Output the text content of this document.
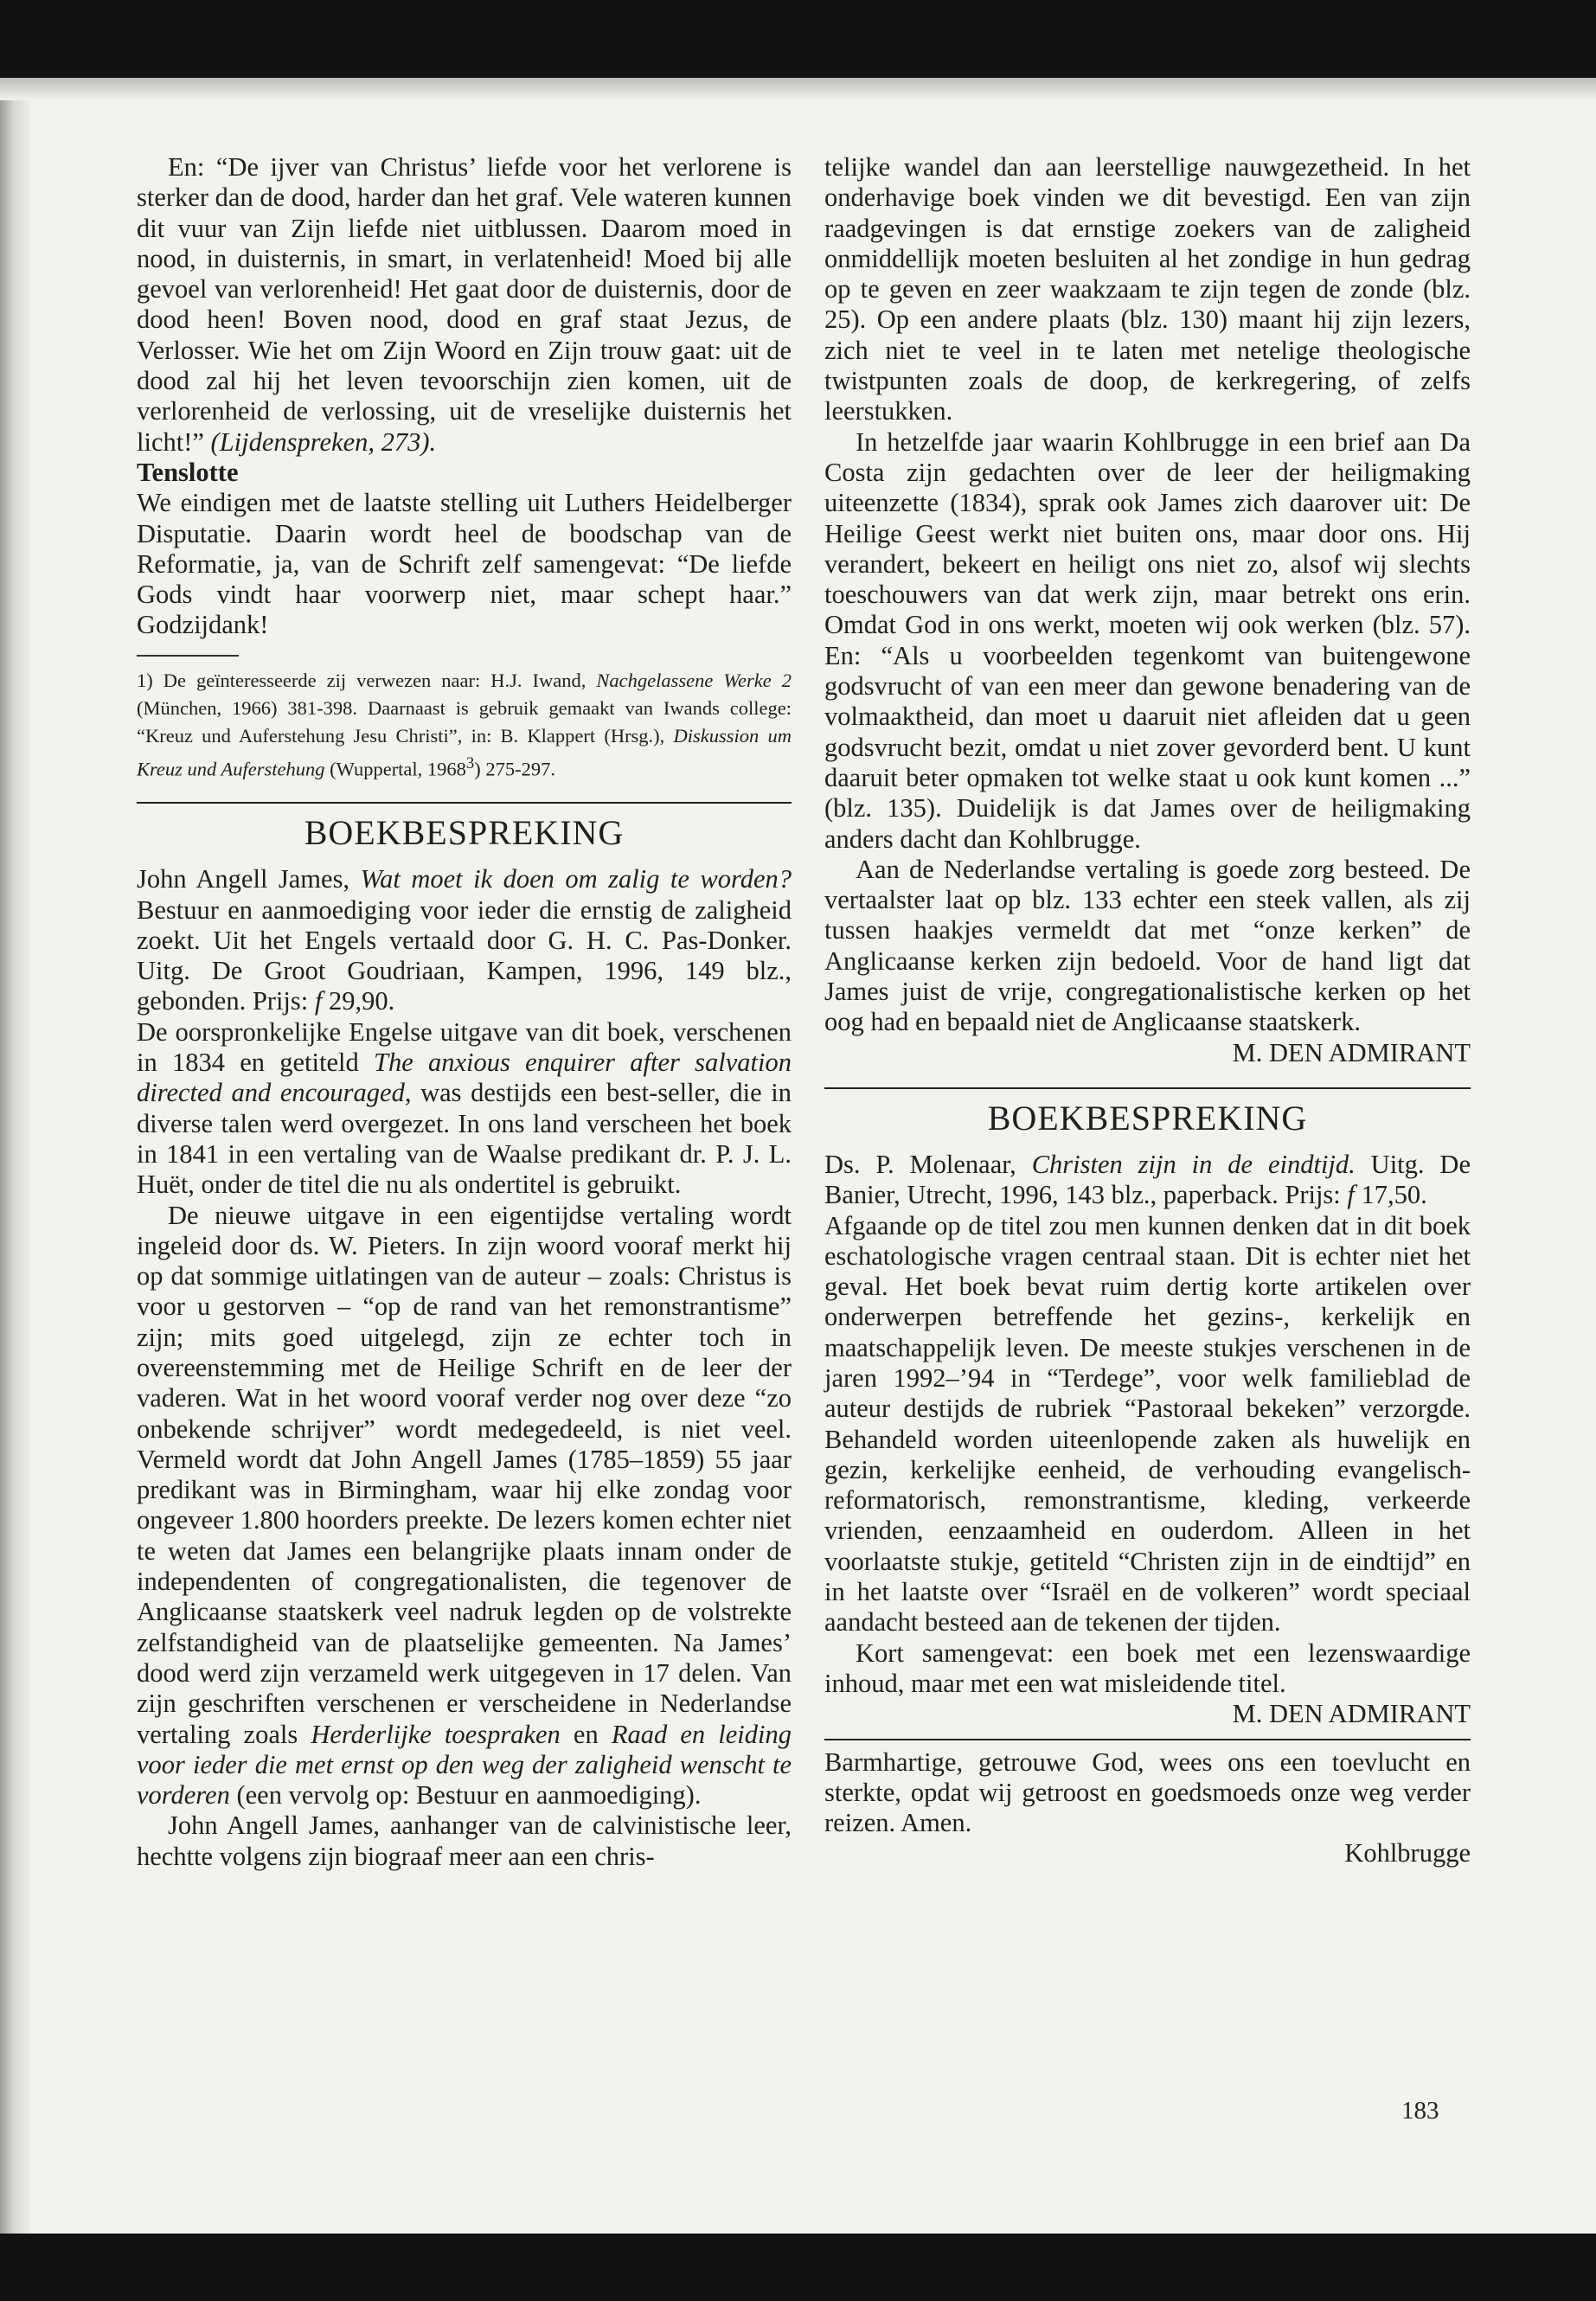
En: “De ijver van Christus’ liefde voor het verlorene is sterker dan de dood, harder dan het graf. Vele wateren kunnen dit vuur van Zijn liefde niet uitblussen. Daarom moed in nood, in duisternis, in smart, in verlatenheid! Moed bij alle gevoel van verlorenheid! Het gaat door de duisternis, door de dood heen! Boven nood, dood en graf staat Jezus, de Verlosser. Wie het om Zijn Woord en Zijn trouw gaat: uit de dood zal hij het leven tevoorschijn zien komen, uit de verlorenheid de verlossing, uit de vreselijke duisternis het licht!” (Lijdenspreken, 273).

Tenslotte

We eindigen met de laatste stelling uit Luthers Heidelberger Disputatie. Daarin wordt heel de boodschap van de Reformatie, ja, van de Schrift zelf samengevat: “De liefde Gods vindt haar voorwerp niet, maar schept haar.” Godzijdank!

1) De geïnteresseerde zij verwezen naar: H.J. Iwand, Nachgelassene Werke 2 (München, 1966) 381-398. Daarnaast is gebruik gemaakt van Iwands college: “Kreuz und Auferstehung Jesu Christi”, in: B. Klappert (Hrsg.), Diskussion um Kreuz und Auferstehung (Wuppertal, 1968$^3$) 275-297.

BOEKBESPREKING

John Angell James, Wat moet ik doen om zalig te worden? Bestuur en aanmoediging voor ieder die ernstig de zaligheid zoekt. Uit het Engels vertaald door G. H. C. Pas-Donker. Uitg. De Groot Goudriaan, Kampen, 1996, 149 blz., gebonden. Prijs: f 29,90.

De oorspronkelijke Engelse uitgave van dit boek, verschenen in 1834 en getiteld The anxious enquirer after salvation directed and encouraged, was destijds een best-seller, die in diverse talen werd overgezet. In ons land verscheen het boek in 1841 in een vertaling van de Waalse predikant dr. P. J. L. Huët, onder de titel die nu als ondertitel is gebruikt.

De nieuwe uitgave in een eigentijdse vertaling wordt ingeleid door ds. W. Pieters. In zijn woord vooraf merkt hij op dat sommige uitlatingen van de auteur – zoals: Christus is voor u gestorven – “op de rand van het remonstrantisme” zijn; mits goed uitgelegd, zijn ze echter toch in overeenstemming met de Heilige Schrift en de leer der vaderen. Wat in het woord vooraf verder nog over deze “zo onbekende schrijver” wordt medegedeeld, is niet veel. Vermeld wordt dat John Angell James (1785–1859) 55 jaar predikant was in Birmingham, waar hij elke zondag voor ongeveer 1.800 hoorders preekte. De lezers komen echter niet te weten dat James een belangrijke plaats innam onder de independenten of congregationalisten, die tegenover de Anglicaanse staatskerk veel nadruk legden op de volstrekte zelfstandigheid van de plaatselijke gemeenten. Na James’ dood werd zijn verzameld werk uitgegeven in 17 delen. Van zijn geschriften verschenen er verscheidene in Nederlandse vertaling zoals Herderlijke toespraken en Raad en leiding voor ieder die met ernst op den weg der zaligheid wenscht te vorderen (een vervolg op: Bestuur en aanmoediging).

John Angell James, aanhanger van de calvinistische leer, hechtte volgens zijn biograaf meer aan een chris-

telijke wandel dan aan leerstellige nauwgezetheid. In het onderhavige boek vinden we dit bevestigd. Een van zijn raadgevingen is dat ernstige zoekers van de zaligheid onmiddellijk moeten besluiten al het zondige in hun gedrag op te geven en zeer waakzaam te zijn tegen de zonde (blz. 25). Op een andere plaats (blz. 130) maant hij zijn lezers, zich niet te veel in te laten met netelige theologische twistpunten zoals de doop, de kerkregering, of zelfs leerstukken.

In hetzelfde jaar waarin Kohlbrugge in een brief aan Da Costa zijn gedachten over de leer der heiligmaking uiteenzette (1834), sprak ook James zich daarover uit: De Heilige Geest werkt niet buiten ons, maar door ons. Hij verandert, bekeert en heiligt ons niet zo, alsof wij slechts toeschouwers van dat werk zijn, maar betrekt ons erin. Omdat God in ons werkt, moeten wij ook werken (blz. 57). En: “Als u voorbeelden tegenkomt van buitengewone godsvrucht of van een meer dan gewone benadering van de volmaaktheid, dan moet u daaruit niet afleiden dat u geen godsvrucht bezit, omdat u niet zover gevorderd bent. U kunt daaruit beter opmaken tot welke staat u ook kunt komen ...” (blz. 135). Duidelijk is dat James over de heiligmaking anders dacht dan Kohlbrugge.

Aan de Nederlandse vertaling is goede zorg besteed. De vertaalster laat op blz. 133 echter een steek vallen, als zij tussen haakjes vermeldt dat met “onze kerken” de Anglicaanse kerken zijn bedoeld. Voor de hand ligt dat James juist de vrije, congregationalistische kerken op het oog had en bepaald niet de Anglicaanse staatskerk.

M. DEN ADMIRANT

BOEKBESPREKING

Ds. P. Molenaar, Christen zijn in de eindtijd. Uitg. De Banier, Utrecht, 1996, 143 blz., paperback. Prijs: f 17,50.

Afgaande op de titel zou men kunnen denken dat in dit boek eschatologische vragen centraal staan. Dit is echter niet het geval. Het boek bevat ruim dertig korte artikelen over onderwerpen betreffende het gezins-, kerkelijk en maatschappelijk leven. De meeste stukjes verschenen in de jaren 1992–’94 in “Terdege”, voor welk familieblad de auteur destijds de rubriek “Pastoraal bekeken” verzorgde. Behandeld worden uiteenlopende zaken als huwelijk en gezin, kerkelijke eenheid, de verhouding evangelisch-reformatorisch, remonstrantisme, kleding, verkeerde vrienden, eenzaamheid en ouderdom. Alleen in het voorlaatste stukje, getiteld “Christen zijn in de eindtijd” en in het laatste over “Israël en de volkeren” wordt speciaal aandacht besteed aan de tekenen der tijden.

Kort samengevat: een boek met een lezenswaardige inhoud, maar met een wat misleidende titel.

M. DEN ADMIRANT

Barmhartige, getrouwe God, wees ons een toevlucht en sterkte, opdat wij getroost en goedsmoeds onze weg verder reizen. Amen.

Kohlbrugge

183
